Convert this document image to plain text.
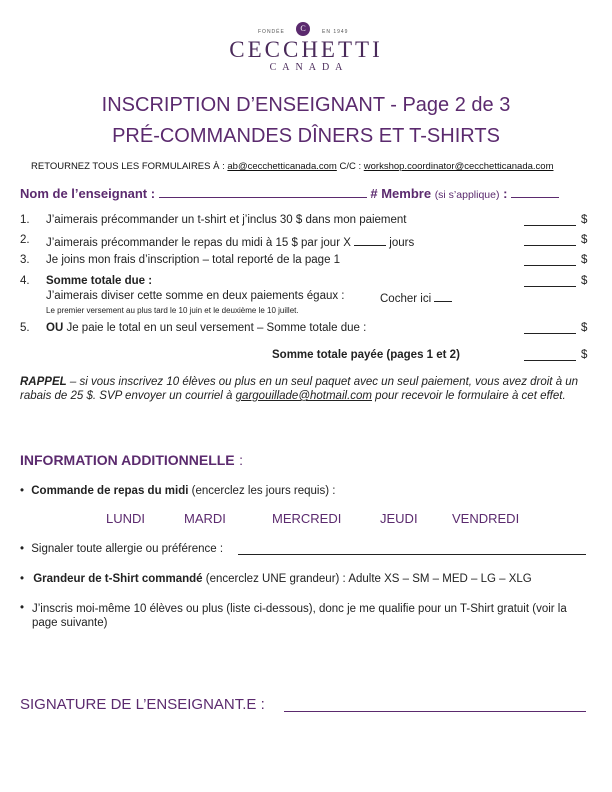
FONDÉE	C	EN 1949
CECCHETTI
CANADA
INSCRIPTION D’ENSEIGNANT - Page 2 de 3
PRÉ-COMMANDES DÎNERS ET T-SHIRTS
RETOURNEZ TOUS LES FORMULAIRES À : ab@cecchetticanada.com C/C : workshop.coordinator@cecchetticanada.com
Nom de l’enseignant :	# Membre (si s’applique) :
1. J’aimerais précommander un t-shirt et j’inclus 30 $ dans mon paiement	$
2. J’aimerais précommander le repas du midi à 15 $ par jour X	jours	$
3. Je joins mon frais d’inscription – total reporté de la page 1	$
4. Somme totale due :	$
J’aimerais diviser cette somme en deux paiements égaux :	Cocher ici
Le premier versement au plus tard le 10 juin et le deuxième le 10 juillet.
5. OU Je paie le total en un seul versement – Somme totale due :	$
Somme totale payée (pages 1 et 2)	$
RAPPEL – si vous inscrivez 10 élèves ou plus en un seul paquet avec un seul paiement, vous avez droit à un rabais de 25 $. SVP envoyer un courriel à gargouillade@hotmail.com pour recevoir le formulaire à cet effet.
INFORMATION ADDITIONNELLE :
• Commande de repas du midi (encerclez les jours requis) :
LUNDI	MARDI	MERCREDI	JEUDI	VENDREDI
• Signaler toute allergie ou préférence :
• Grandeur de t-Shirt commandé (encerclez UNE grandeur) : Adulte XS – SM – MED – LG – XLG
• J’inscris moi-même 10 élèves ou plus (liste ci-dessous), donc je me qualifie pour un T-Shirt gratuit (voir la page suivante)
SIGNATURE DE L’ENSEIGNANT.E :
